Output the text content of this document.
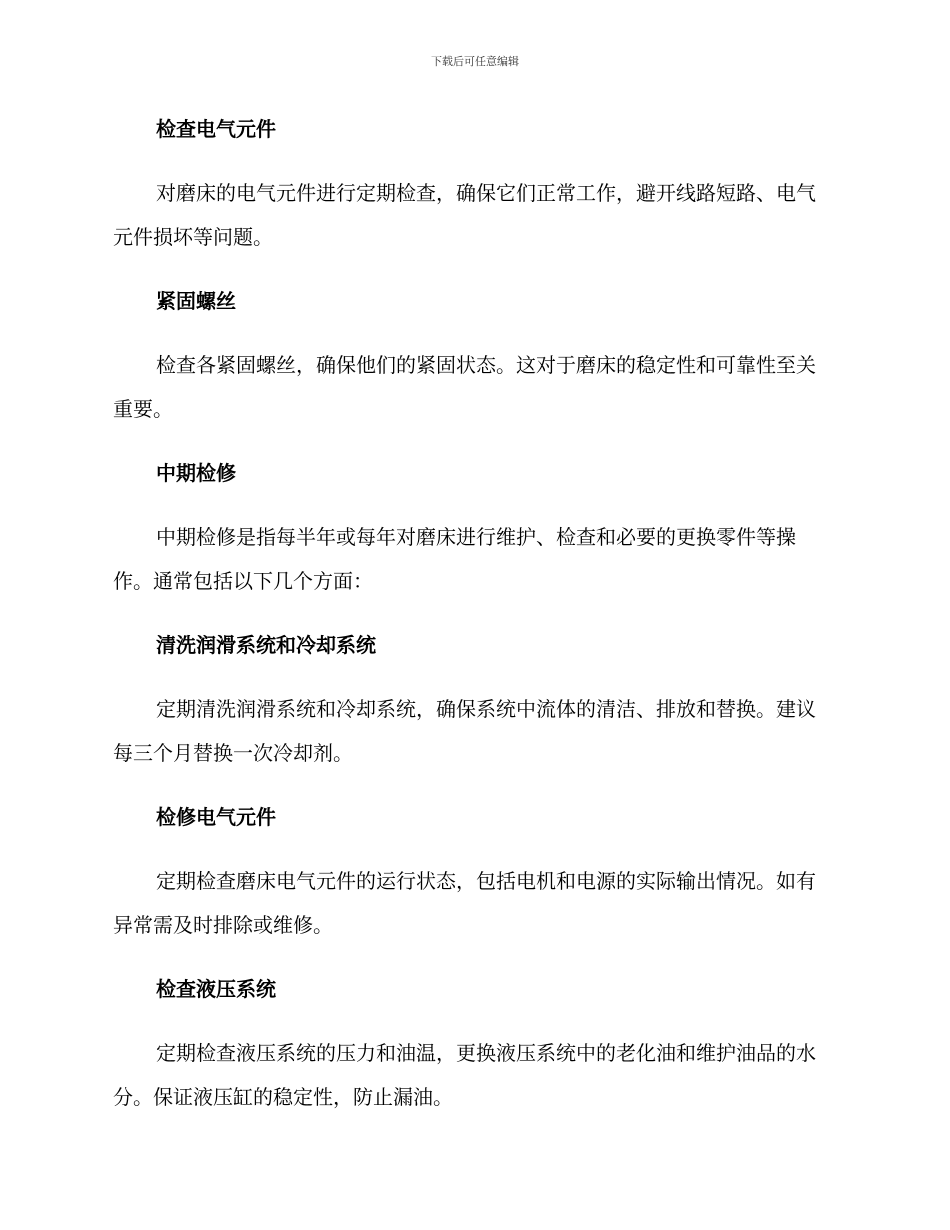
下载后可任意编辑
检查电气元件
对磨床的电气元件进行定期检查，确保它们正常工作，避开线路短路、电气元件损坏等问题。
紧固螺丝
检查各紧固螺丝，确保他们的紧固状态。这对于磨床的稳定性和可靠性至关重要。
中期检修
中期检修是指每半年或每年对磨床进行维护、检查和必要的更换零件等操作。通常包括以下几个方面：
清洗润滑系统和冷却系统
定期清洗润滑系统和冷却系统，确保系统中流体的清洁、排放和替换。建议每三个月替换一次冷却剂。
检修电气元件
定期检查磨床电气元件的运行状态，包括电机和电源的实际输出情况。如有异常需及时排除或维修。
检查液压系统
定期检查液压系统的压力和油温，更换液压系统中的老化油和维护油品的水分。保证液压缸的稳定性，防止漏油。
